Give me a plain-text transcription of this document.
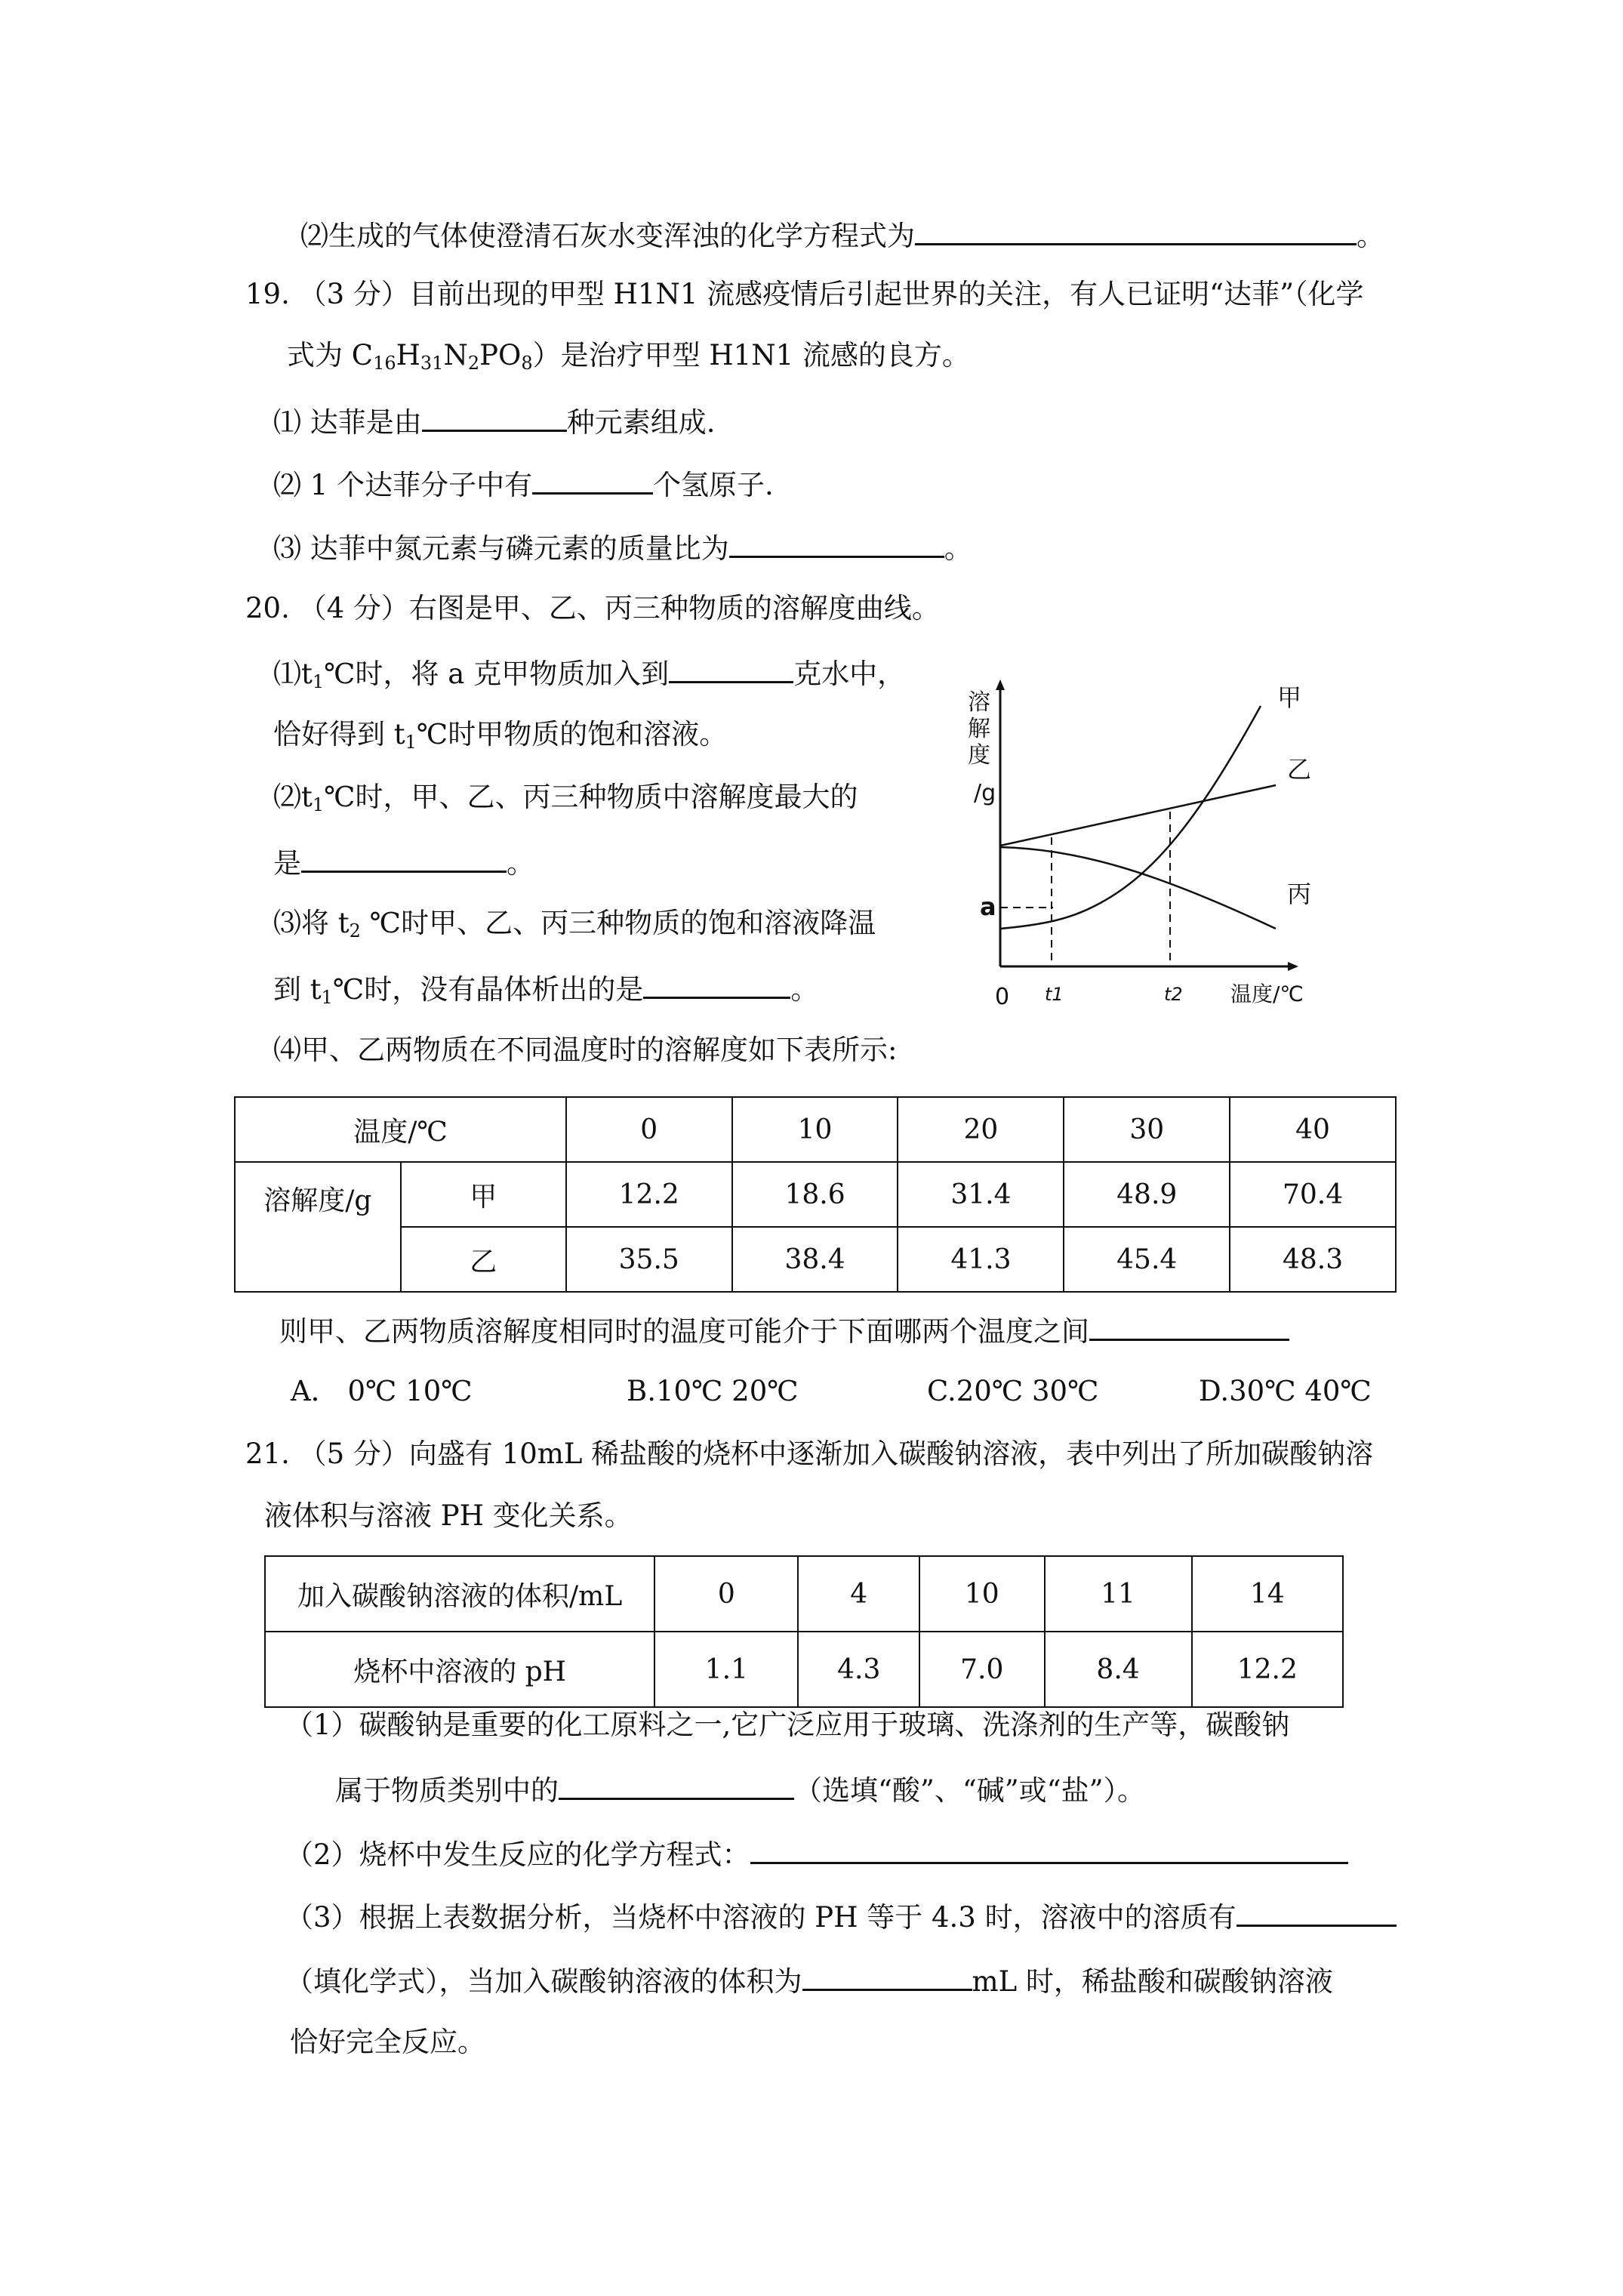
⑵生成的气体使澄清石灰水变浑浊的化学方程式为	。
19. （3 分）目前出现的甲型 H1N1 流感疫情后引起世界的关注，有人已证明“达菲”（化学
式为 $C_{16}H_{31}N_2PO_8$）是治疗甲型 H1N1 流感的良方。
⑴ 达菲是由	种元素组成.
⑵ 1 个达菲分子中有	个氢原子.
⑶ 达菲中氮元素与磷元素的质量比为	。
20. （4 分）右图是甲、乙、丙三种物质的溶解度曲线。
$⑴t_1℃$时，将 a 克甲物质加入到	克水中，
恰好得到 $t_1℃$时甲物质的饱和溶液。
$⑵t_1℃$时，甲、乙、丙三种物质中溶解度最大的
是	。
⑶将 $t_2$ ℃时甲、乙、丙三种物质的饱和溶液降温
到 $t_1℃$时，没有晶体析出的是	。
溶
解
度
/g
甲
乙
丙
a
0 t1	t2 温度/℃
⑷甲、乙两物质在不同温度时的溶解度如下表所示:
温度/℃		0	10	20	30	40
溶解度/g	甲	12.2	18.6	31.4	48.9	70.4
	乙	35.5	38.4	41.3	45.4	48.3
则甲、乙两物质溶解度相同时的温度可能介于下面哪两个温度之间
A． 0℃ 10℃	B.10℃ 20℃	C.20℃ 30℃	D.30℃ 40℃
21. （5 分）向盛有 10mL 稀盐酸的烧杯中逐渐加入碳酸钠溶液，表中列出了所加碳酸钠溶
液体积与溶液 PH 变化关系。
加入碳酸钠溶液的体积/mL	0	4	10	11	14
烧杯中溶液的 pH	1.1	4.3	7.0	8.4	12.2
（1）碳酸钠是重要的化工原料之一,它广泛应用于玻璃、洗涤剂的生产等，碳酸钠
属于物质类别中的	（选填“酸”、“碱”或“盐”）。
（2）烧杯中发生反应的化学方程式：
（3）根据上表数据分析，当烧杯中溶液的 PH 等于 4.3 时，溶液中的溶质有
（填化学式），当加入碳酸钠溶液的体积为	mL 时，稀盐酸和碳酸钠溶液
恰好完全反应。
